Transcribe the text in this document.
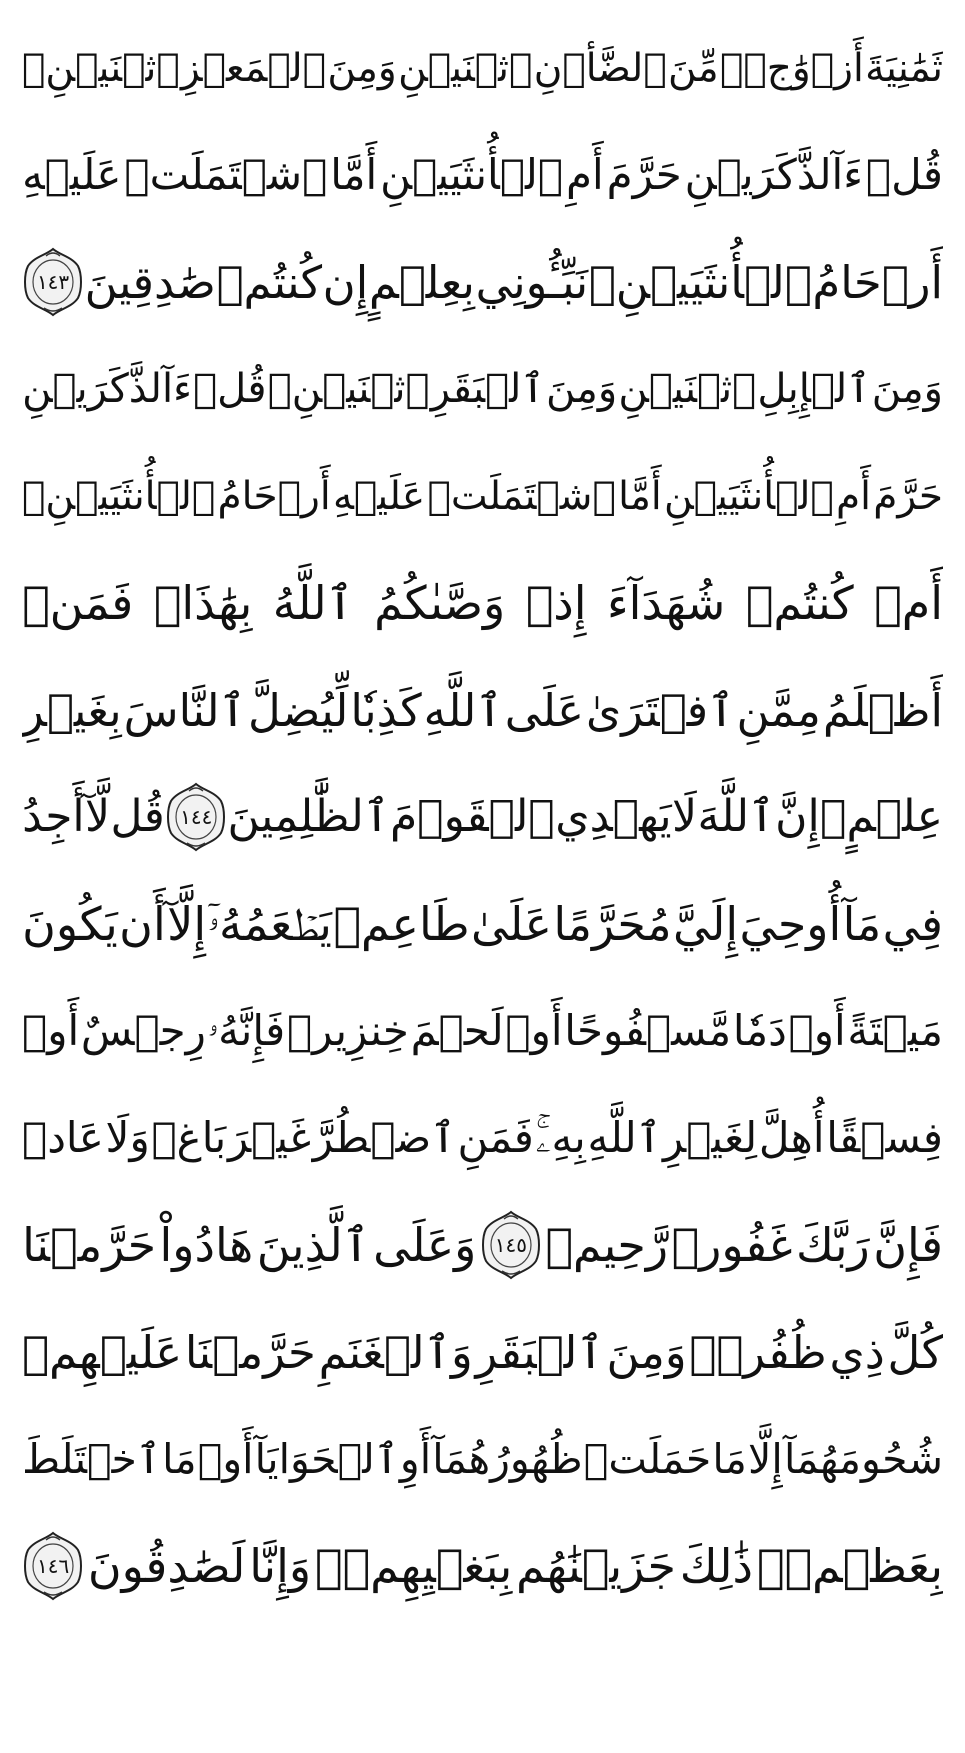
ثَمَٰنِيَةَ
أَزۡوَٰجٖۖ
مِّنَ
ٱلضَّأۡنِ
ٱثۡنَيۡنِ
وَمِنَ
ٱلۡمَعۡزِ
ٱثۡنَيۡنِۗ
قُلۡ
ءَآلذَّكَرَيۡنِ
حَرَّمَ
أَمِ
ٱلۡأُنثَيَيۡنِ
أَمَّا
ٱشۡتَمَلَتۡ
عَلَيۡهِ
أَرۡحَامُ
ٱلۡأُنثَيَيۡنِۖ
نَبِّـُٔونِي
بِعِلۡمٍ
إِن
كُنتُمۡ
صَٰدِقِينَ
١٤٣
وَمِنَ
ٱلۡإِبِلِ
ٱثۡنَيۡنِ
وَمِنَ
ٱلۡبَقَرِ
ٱثۡنَيۡنِۗ
قُلۡ
ءَآلذَّكَرَيۡنِ
حَرَّمَ
أَمِ
ٱلۡأُنثَيَيۡنِ
أَمَّا
ٱشۡتَمَلَتۡ
عَلَيۡهِ
أَرۡحَامُ
ٱلۡأُنثَيَيۡنِۖ
أَمۡ
كُنتُمۡ
شُهَدَآءَ
إِذۡ
وَصَّىٰكُمُ
ٱللَّهُ
بِهَٰذَاۚ
فَمَنۡ
أَظۡلَمُ
مِمَّنِ
ٱفۡتَرَىٰ
عَلَى
ٱللَّهِ
كَذِبٗا
لِّيُضِلَّ
ٱلنَّاسَ
بِغَيۡرِ
عِلۡمٍۚ
إِنَّ
ٱللَّهَ
لَا
يَهۡدِي
ٱلۡقَوۡمَ
ٱلظَّٰلِمِينَ
١٤٤
قُل
لَّآ
أَجِدُ
فِي
مَآ
أُوحِيَ
إِلَيَّ
مُحَرَّمًا
عَلَىٰ
طَاعِمٖ
يَطۡعَمُهُۥٓ
إِلَّآ
أَن
يَكُونَ
مَيۡتَةً
أَوۡ
دَمٗا
مَّسۡفُوحًا
أَوۡ
لَحۡمَ
خِنزِيرٖ
فَإِنَّهُۥ
رِجۡسٌ
أَوۡ
فِسۡقًا
أُهِلَّ
لِغَيۡرِ
ٱللَّهِ
بِهِۦۚ
فَمَنِ
ٱضۡطُرَّ
غَيۡرَ
بَاغٖ
وَلَا
عَادٖ
فَإِنَّ
رَبَّكَ
غَفُورٞ
رَّحِيمٞ
١٤٥
وَعَلَى
ٱلَّذِينَ
هَادُواْ
حَرَّمۡنَا
كُلَّ
ذِي
ظُفُرٖۖ
وَمِنَ
ٱلۡبَقَرِ
وَٱلۡغَنَمِ
حَرَّمۡنَا
عَلَيۡهِمۡ
شُحُومَهُمَآ
إِلَّا
مَا
حَمَلَتۡ
ظُهُورُهُمَآ
أَوِ
ٱلۡحَوَايَآ
أَوۡ
مَا
ٱخۡتَلَطَ
بِعَظۡمٖۚ
ذَٰلِكَ
جَزَيۡنَٰهُم
بِبَغۡيِهِمۡۖ
وَإِنَّا
لَصَٰدِقُونَ
١٤٦
